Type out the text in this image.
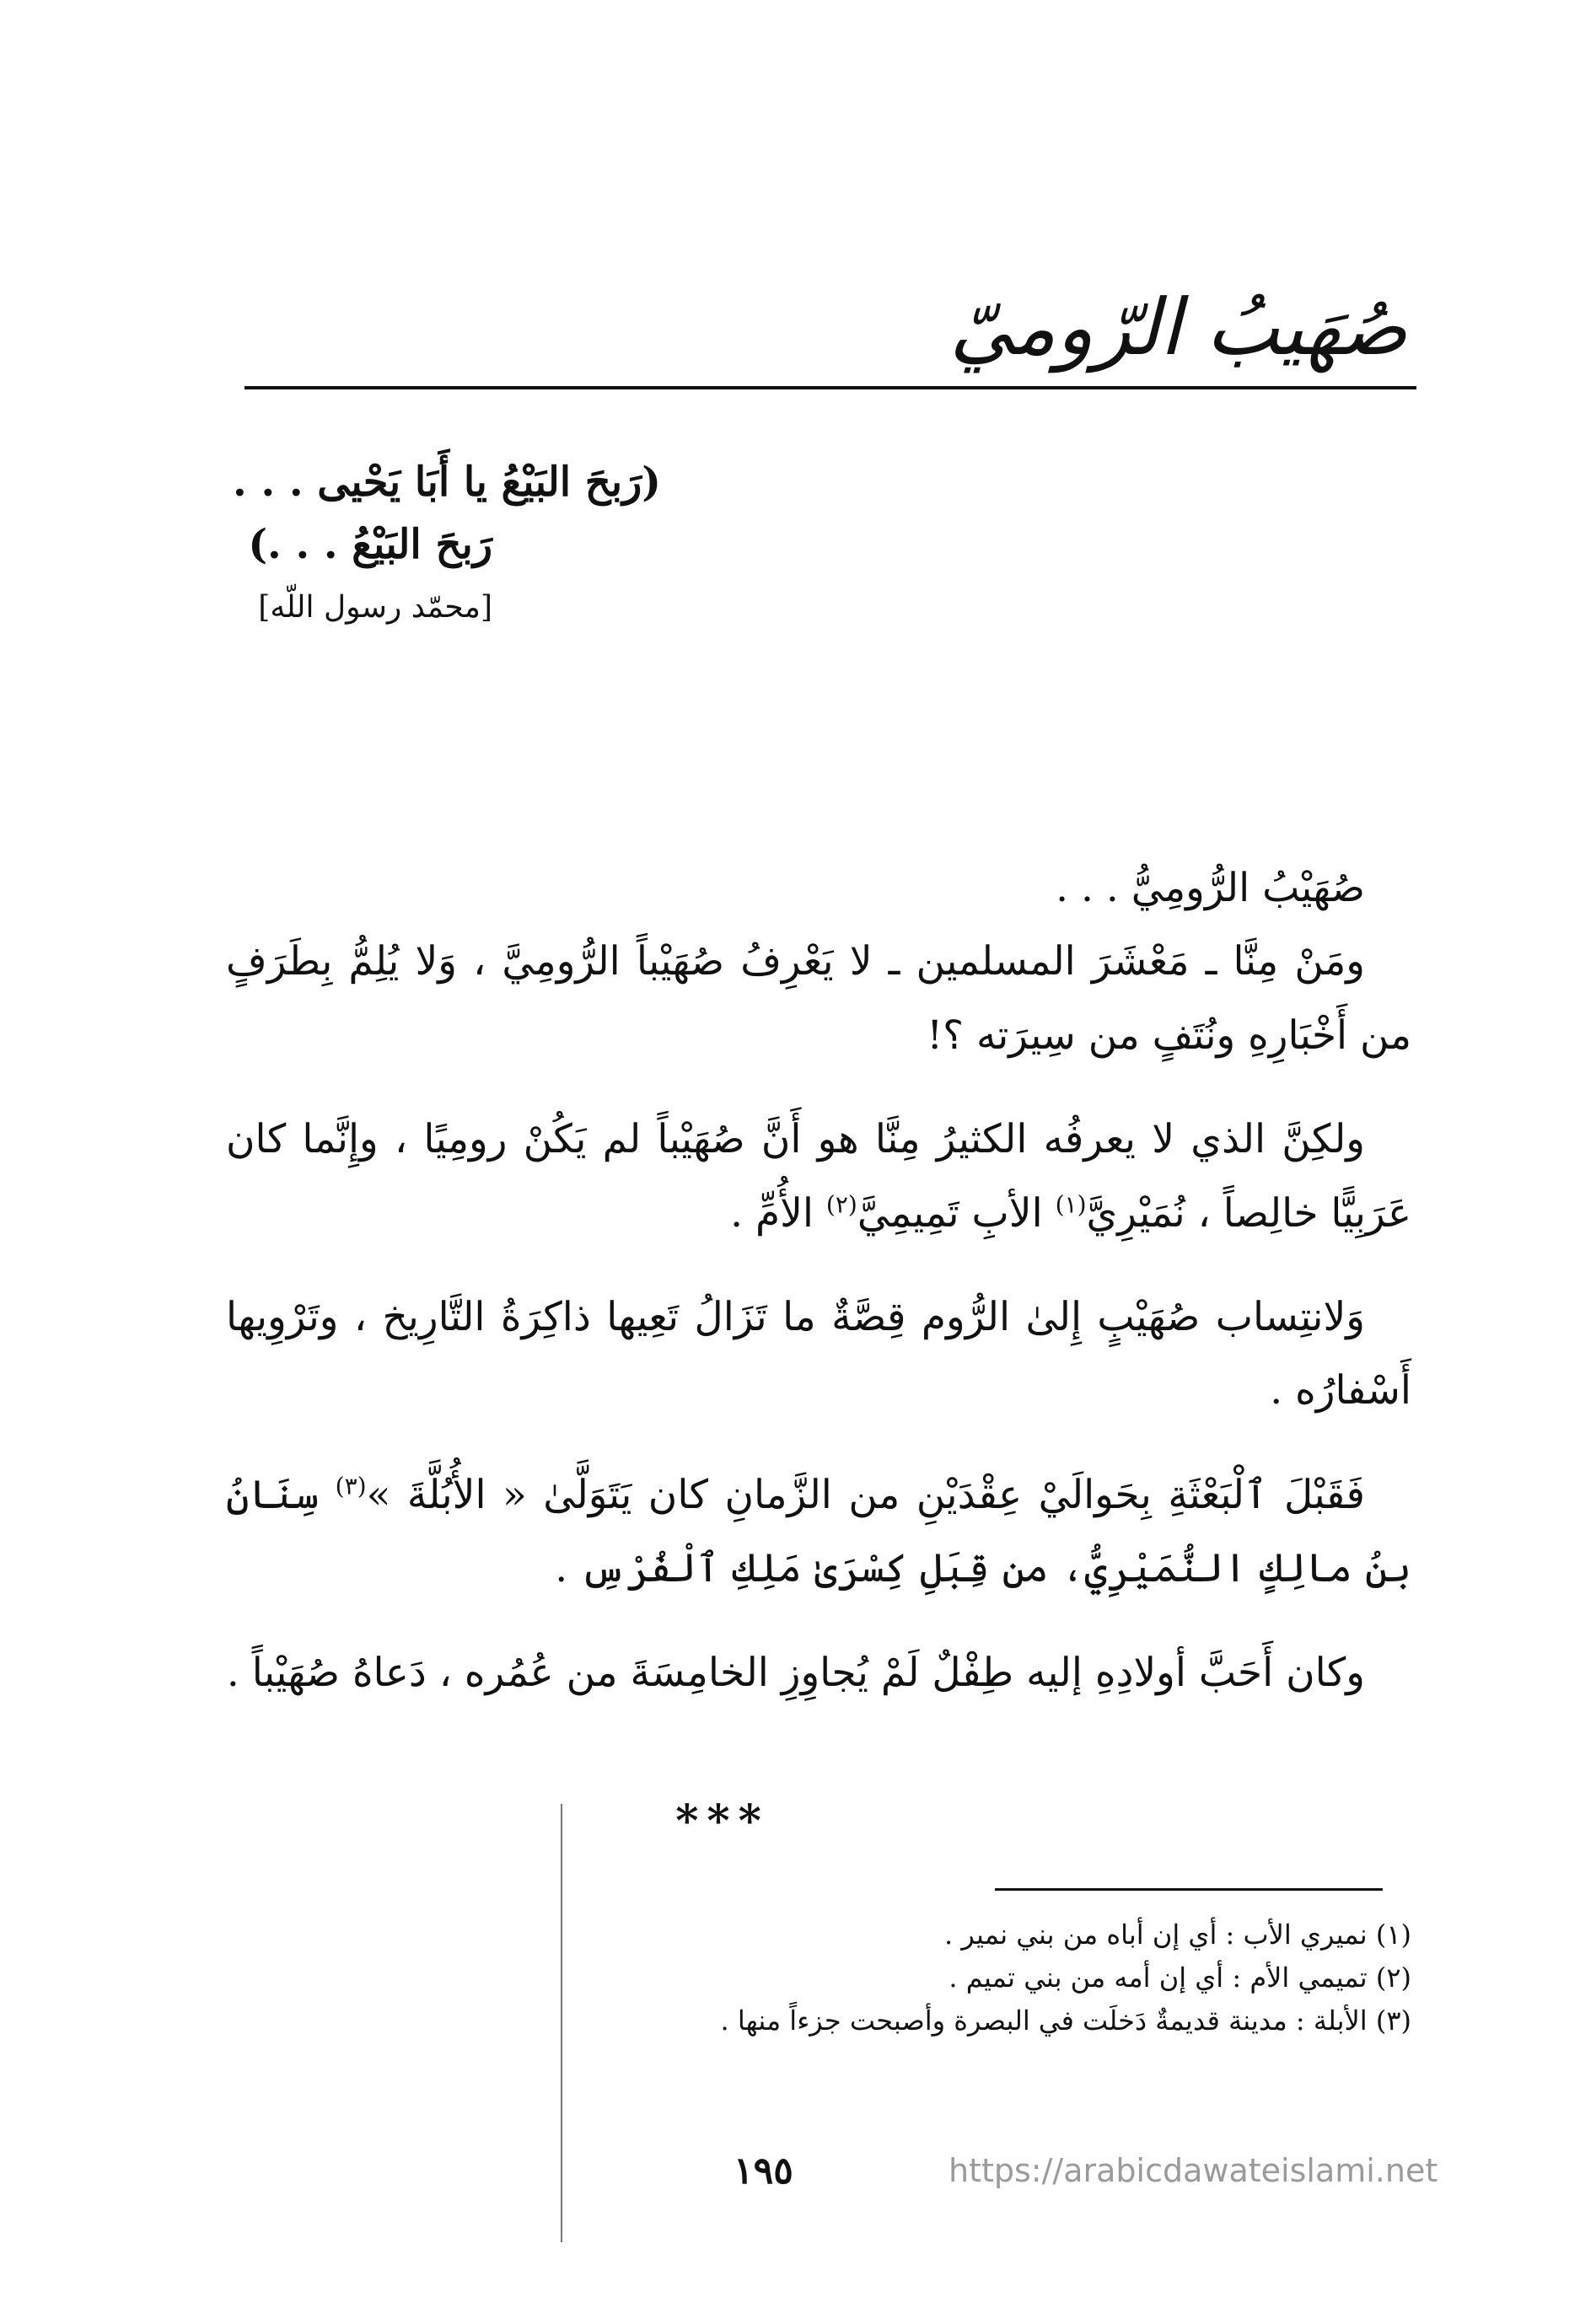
صُهَيبُ الرّوميّ
(رَبحَ البَيْعُ يا أَبَا يَحْيى . . .
رَبحَ البَيْعُ . . .)
[محمّد رسول اللّه]

صُهَيْبُ الرُّومِيُّ . . .

ومَنْ مِنَّا ـ مَعْشَرَ المسلمين ـ لا يَعْرِفُ صُهَيْباً الرُّومِيَّ ، وَلا يُلِمُّ بِطَرَفٍ من أَخْبَارِهِ ونُتَفٍ من سِيرَته ؟!

ولكِنَّ الذي لا يعرفُه الكثيرُ مِنَّا هو أَنَّ صُهَيْباً لم يَكُنْ رومِيًا ، وإِنَّما كان عَرَبِيًّا خالِصاً ، نُمَيْرِيَّ$^{(١)}$ الأبِ تَمِيمِيَّ$^{(٢)}$ الأُمِّ .

وَلانتِساب صُهَيْبٍ إِلىٰ الرُّوم قِصَّةٌ ما تَزَالُ تَعِيها ذاكِرَةُ التَّارِيخ ، وتَرْوِيها أَسْفارُه .

فَقَبْلَ ٱلْبَعْثَةِ بِحَوالَيْ عِقْدَيْنِ من الزَّمانِ كان يَتَوَلَّىٰ « الأُبُلَّةَ »$^{(٣)}$ سِنَانُ بنُ مالِكٍ النُّمَيْرِيُّ، من قِبَلِ كِسْرَىٰ مَلِكِ ٱلْفُرْسِ .

وكان أَحَبَّ أولادِهِ إليه طِفْلٌ لَمْ يُجاوِزِ الخامِسَةَ من عُمُره ، دَعاهُ صُهَيْباً .

***
(١) نميري الأب : أي إن أباه من بني نمير .
(٢) تميمي الأم : أي إن أمه من بني تميم .
(٣) الأبلة : مدينة قديمةٌ دَخلَت في البصرة وأصبحت جزءاً منها .
١٩٥	https://arabicdawateislami.net
